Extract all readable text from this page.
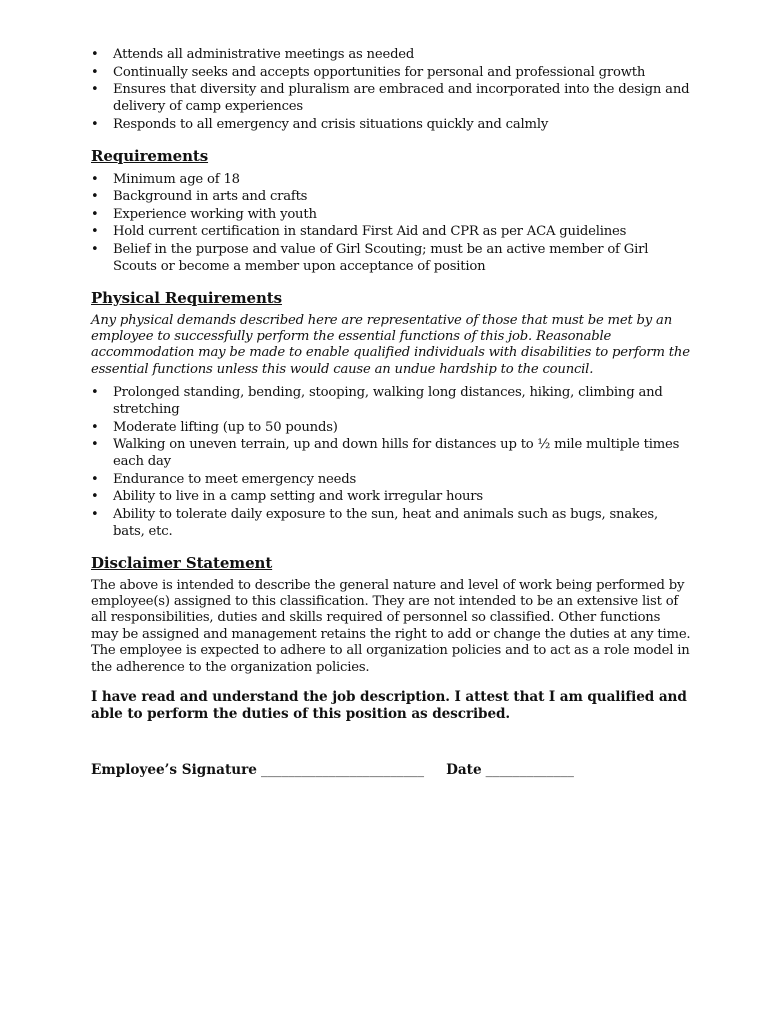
• Attends all administrative meetings as needed
• Continually seeks and accepts opportunities for personal and professional growth
• Ensures that diversity and pluralism are embraced and incorporated into the design and delivery of camp experiences
• Responds to all emergency and crisis situations quickly and calmly
Requirements
• Minimum age of 18
• Background in arts and crafts
• Experience working with youth
• Hold current certification in standard First Aid and CPR as per ACA guidelines
• Belief in the purpose and value of Girl Scouting; must be an active member of Girl Scouts or become a member upon acceptance of position
Physical Requirements

Any physical demands described here are representative of those that must be met by an employee to successfully perform the essential functions of this job. Reasonable accommodation may be made to enable qualified individuals with disabilities to perform the essential functions unless this would cause an undue hardship to the council.

• Prolonged standing, bending, stooping, walking long distances, hiking, climbing and stretching
• Moderate lifting (up to 50 pounds)
• Walking on uneven terrain, up and down hills for distances up to ½ mile multiple times each day
• Endurance to meet emergency needs
• Ability to live in a camp setting and work irregular hours
• Ability to tolerate daily exposure to the sun, heat and animals such as bugs, snakes, bats, etc.
Disclaimer Statement

The above is intended to describe the general nature and level of work being performed by employee(s) assigned to this classification. They are not intended to be an extensive list of all responsibilities, duties and skills required of personnel so classified. Other functions may be assigned and management retains the right to add or change the duties at any time. The employee is expected to adhere to all organization policies and to act as a role model in the adherence to the organization policies.

I have read and understand the job description. I attest that I am qualified and able to perform the duties of this position as described.

Employee’s Signature ________________________ Date _____________
